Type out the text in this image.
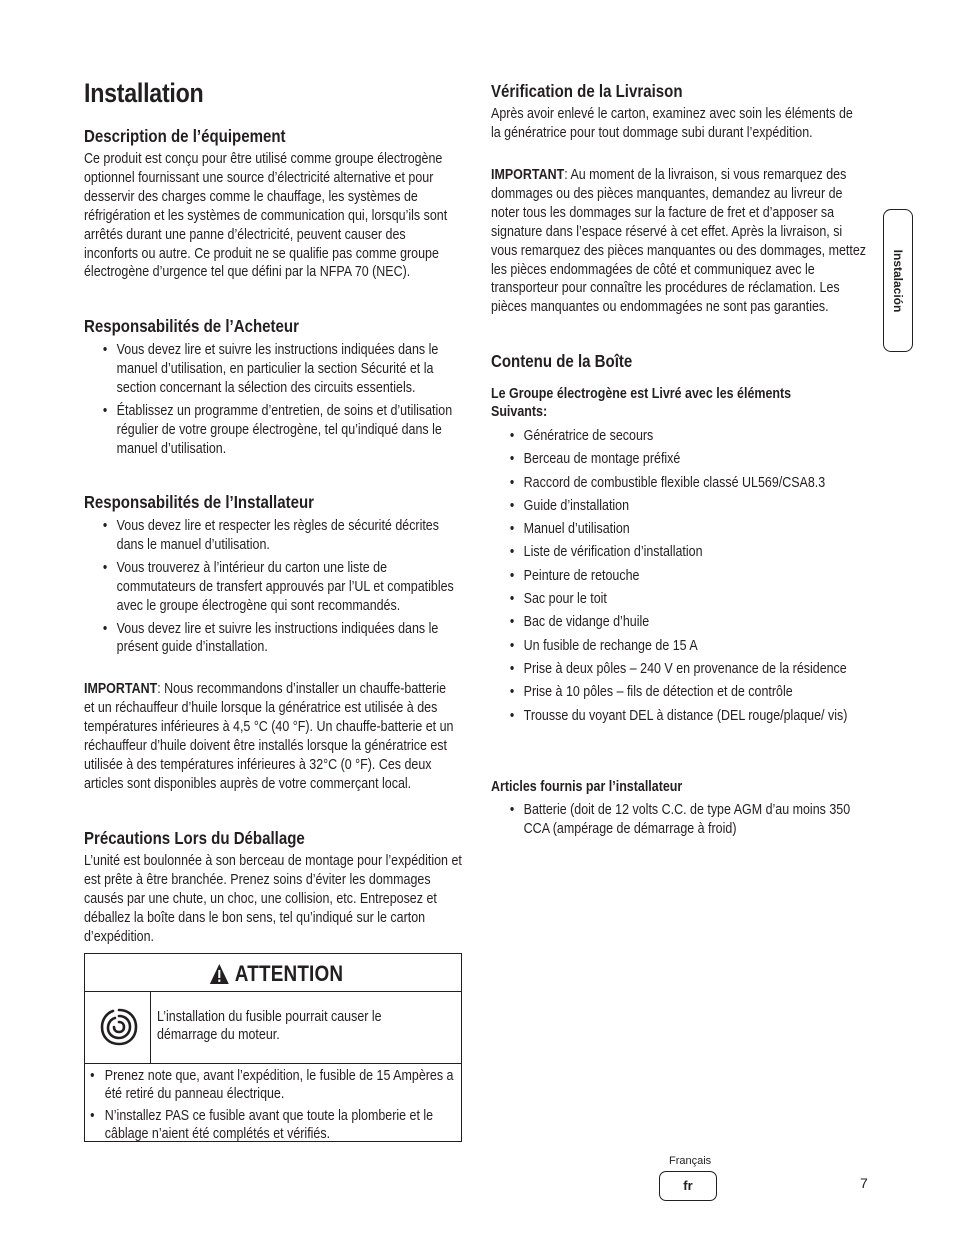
Installation
Description de l’équipement

Ce produit est conçu pour être utilisé comme groupe électrogène optionnel fournissant une source d’électricité alternative et pour desservir des charges comme le chauffage, les systèmes de réfrigération et les systèmes de communication qui, lorsqu’ils sont arrêtés durant une panne d’électricité, peuvent causer des inconforts ou autre. Ce produit ne se qualifie pas comme groupe électrogène d’urgence tel que défini par la NFPA 70 (NEC).

Responsabilités de l’Acheteur
• Vous devez lire et suivre les instructions indiquées dans le manuel d’utilisation, en particulier la section Sécurité et la section concernant la sélection des circuits essentiels.
• Établissez un programme d’entretien, de soins et d’utilisation régulier de votre groupe électrogène, tel qu’indiqué dans le manuel d’utilisation.
Responsabilités de l’Installateur
• Vous devez lire et respecter les règles de sécurité décrites dans le manuel d’utilisation.
• Vous trouverez à l’intérieur du carton une liste de commutateurs de transfert approuvés par l’UL et compatibles avec le groupe électrogène qui sont recommandés.
• Vous devez lire et suivre les instructions indiquées dans le présent guide d’installation.

IMPORTANT: Nous recommandons d’installer un chauffe-batterie et un réchauffeur d’huile lorsque la génératrice est utilisée à des températures inférieures à 4,5 °C (40 °F). Un chauffe-batterie et un réchauffeur d’huile doivent être installés lorsque la génératrice est utilisée à des températures inférieures à 32°C (0 °F). Ces deux articles sont disponibles auprès de votre commerçant local.

Précautions Lors du Déballage

L’unité est boulonnée à son berceau de montage pour l’expédition et est prête à être branchée. Prenez soins d’éviter les dommages causés par une chute, un choc, une collision, etc. Entreposez et déballez la boîte dans le bon sens, tel qu’indiqué sur le carton d’expédition.

ATTENTION
L’installation du fusible pourrait causer le démarrage du moteur.
• Prenez note que, avant l’expédition, le fusible de 15 Ampères a été retiré du panneau électrique.
• N’installez PAS ce fusible avant que toute la plomberie et le câblage n’aient été complétés et vérifiés.
Vérification de la Livraison

Après avoir enlevé le carton, examinez avec soin les éléments de la génératrice pour tout dommage subi durant l’expédition.

IMPORTANT: Au moment de la livraison, si vous remarquez des dommages ou des pièces manquantes, demandez au livreur de noter tous les dommages sur la facture de fret et d’apposer sa signature dans l’espace réservé à cet effet. Après la livraison, si vous remarquez des pièces manquantes ou des dommages, mettez les pièces endommagées de côté et communiquez avec le transporteur pour connaître les procédures de réclamation. Les pièces manquantes ou endommagées ne sont pas garanties.

Contenu de la Boîte
Le Groupe électrogène est Livré avec les éléments Suivants:
• Génératrice de secours
• Berceau de montage préfixé
• Raccord de combustible flexible classé UL569/CSA8.3
• Guide d’installation
• Manuel d’utilisation
• Liste de vérification d’installation
• Peinture de retouche
• Sac pour le toit
• Bac de vidange d’huile
• Un fusible de rechange de 15 A
• Prise à deux pôles – 240 V en provenance de la résidence
• Prise à 10 pôles – fils de détection et de contrôle
• Trousse du voyant DEL à distance (DEL rouge/plaque/ vis)
Articles fournis par l’installateur
• Batterie (doit de 12 volts C.C. de type AGM d’au moins 350 CCA (ampérage de démarrage à froid)
Instalación
Français
fr	7
